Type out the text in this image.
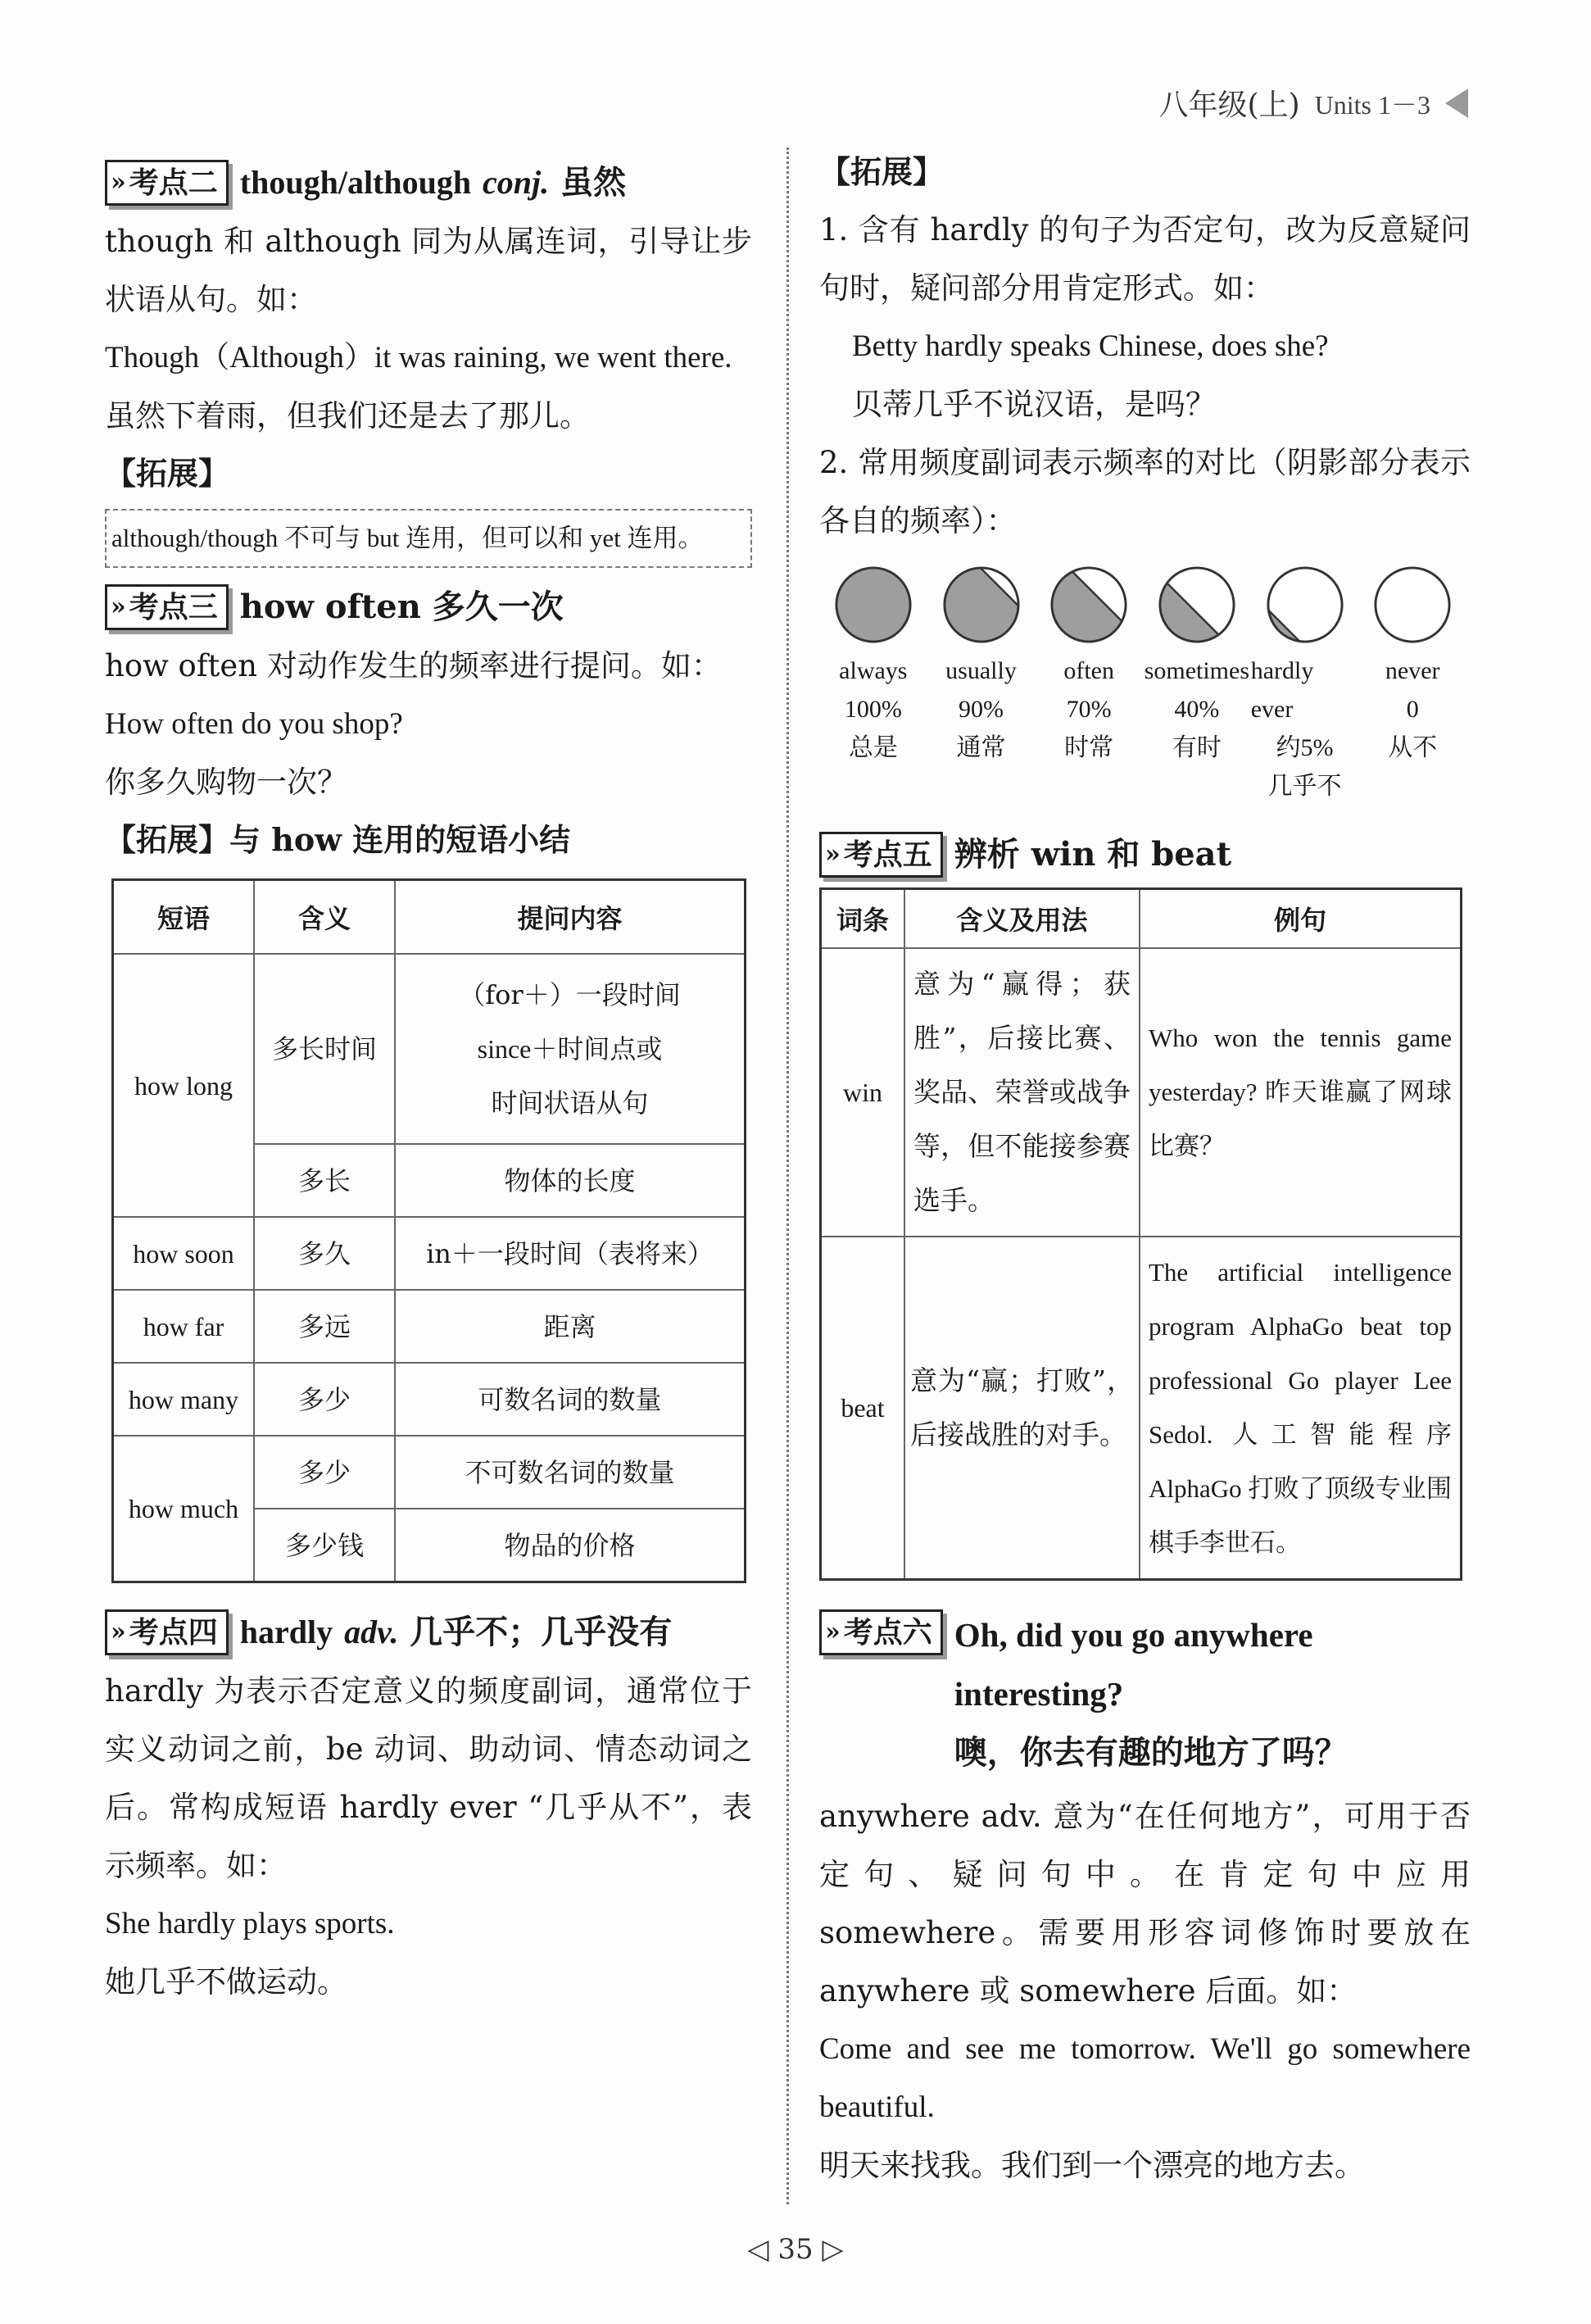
八年级(上) Units 1－3
» 考点二 though/although
conj.
虽然

though 和 although 同为从属连词，引导让步状语从句。如：

Though（Although）it was raining, we went there.

虽然下着雨，但我们还是去了那儿。

【拓展】

although/though 不可与 but 连用，但可以和 yet 连用。

» 考点三 how often 多久一次

how often 对动作发生的频率进行提问。如：

How often do you shop?

你多久购物一次？

【拓展】与 how 连用的短语小结
短语	含义	提问内容
how long	多长时间	（for＋）一段时间
since＋时间点或
时间状语从句

	多长	物体的长度
how soon	多久	in＋一段时间（表将来）
how far	多远	距离
how many	多少	可数名词的数量
how much	多少	不可数名词的数量
	多少钱	物品的价格
» 考点四 hardly
adv.
几乎不；几乎没有

hardly 为表示否定意义的频度副词，通常位于实义动词之前，be 动词、助动词、情态动词之后。常构成短语 hardly ever “几乎从不”，表示频率。如：

She hardly plays sports.

她几乎不做运动。

【拓展】

1. 含有 hardly 的句子为否定句，改为反意疑问句时，疑问部分用肯定形式。如：

Betty hardly speaks Chinese, does she?

贝蒂几乎不说汉语，是吗？

2. 常用频度副词表示频率的对比（阴影部分表示各自的频率）：

always
100%
总是
usually
90%
通常
often
70%
时常
sometimes
40%
有时
hardly ever
约5%
几乎不
never
0
从不
» 考点五 辨析 win 和 beat
词条	含义及用法	例句
win	意为“赢得；获胜”，后接比赛、奖品、荣誉或战争等，但不能接参赛选手。	Who won the tennis game yesterday? 昨天谁赢了网球比赛？
beat	意为“赢；打败”，后接战胜的对手。	The artificial intelligence program AlphaGo beat top professional Go player Lee Sedol. 人工智能程序 AlphaGo 打败了顶级专业围棋手李世石。
» 考点六 Oh, did you go anywhere interesting?
噢，你去有趣的地方了吗？

anywhere adv. 意为“在任何地方”，可用于否定句、疑问句中。在肯定句中应用 somewhere。需要用形容词修饰时要放在 anywhere 或 somewhere 后面。如：

Come and see me tomorrow. We'll go somewhere beautiful.

明天来找我。我们到一个漂亮的地方去。

◁ 35 ▷
